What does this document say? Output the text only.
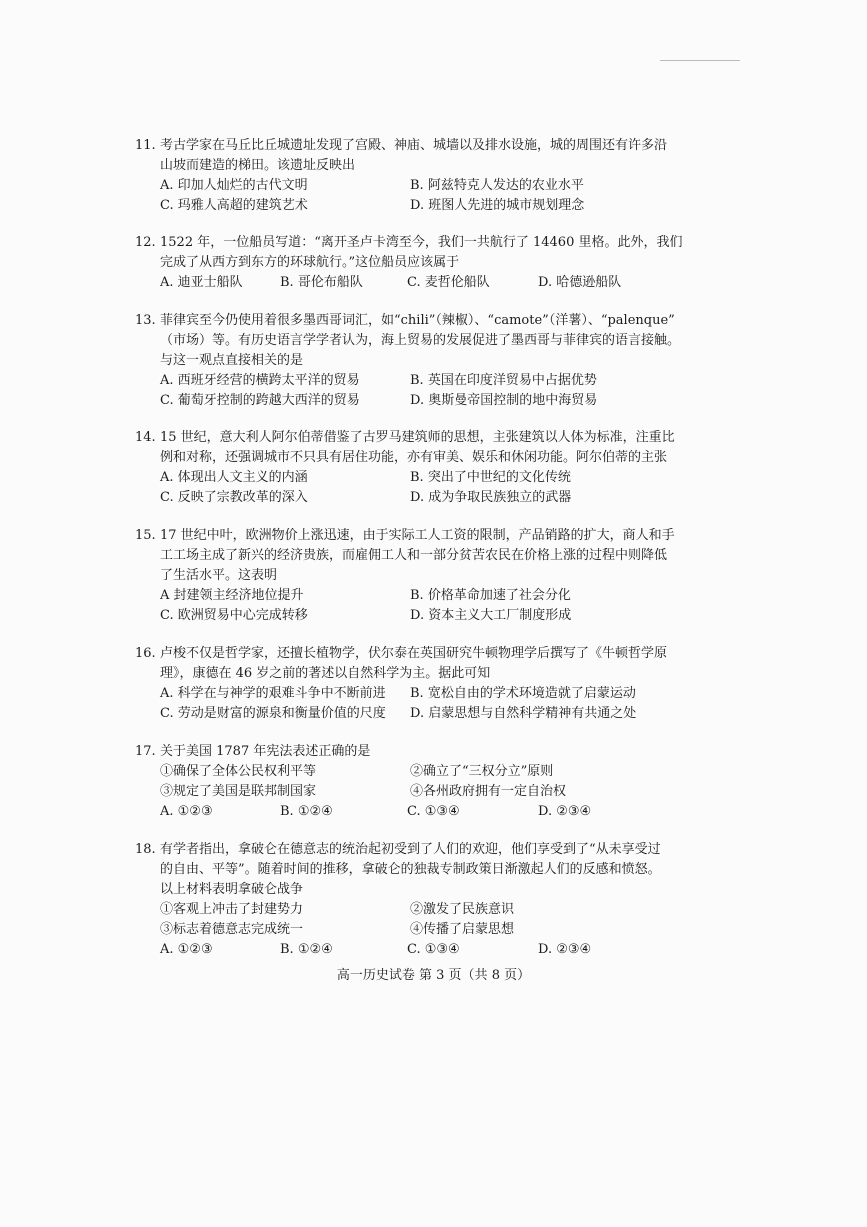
11. 考古学家在马丘比丘城遗址发现了宫殿、神庙、城墙以及排水设施，城的周围还有许多沿
山坡而建造的梯田。该遗址反映出
A. 印加人灿烂的古代文明	B. 阿兹特克人发达的农业水平
C. 玛雅人高超的建筑艺术	D. 班图人先进的城市规划理念
12. 1522 年，一位船员写道：“离开圣卢卡湾至今，我们一共航行了 14460 里格。此外，我们
完成了从西方到东方的环球航行。”这位船员应该属于
A. 迪亚士船队	B. 哥伦布船队	C. 麦哲伦船队	D. 哈德逊船队
13. 菲律宾至今仍使用着很多墨西哥词汇，如“chili”（辣椒）、“camote”（洋薯）、“palenque”
（市场）等。有历史语言学学者认为，海上贸易的发展促进了墨西哥与菲律宾的语言接触。
与这一观点直接相关的是
A. 西班牙经营的横跨太平洋的贸易	B. 英国在印度洋贸易中占据优势
C. 葡萄牙控制的跨越大西洋的贸易	D. 奥斯曼帝国控制的地中海贸易
14. 15 世纪，意大利人阿尔伯蒂借鉴了古罗马建筑师的思想，主张建筑以人体为标准，注重比
例和对称，还强调城市不只具有居住功能，亦有审美、娱乐和休闲功能。阿尔伯蒂的主张
A. 体现出人文主义的内涵	B. 突出了中世纪的文化传统
C. 反映了宗教改革的深入	D. 成为争取民族独立的武器
15. 17 世纪中叶，欧洲物价上涨迅速，由于实际工人工资的限制，产品销路的扩大，商人和手
工工场主成了新兴的经济贵族，而雇佣工人和一部分贫苦农民在价格上涨的过程中则降低
了生活水平。这表明
A 封建领主经济地位提升	B. 价格革命加速了社会分化
C. 欧洲贸易中心完成转移	D. 资本主义大工厂制度形成
16. 卢梭不仅是哲学家，还擅长植物学，伏尔泰在英国研究牛顿物理学后撰写了《牛顿哲学原
理》，康德在 46 岁之前的著述以自然科学为主。据此可知
A. 科学在与神学的艰难斗争中不断前进 B. 宽松自由的学术环境造就了启蒙运动
C. 劳动是财富的源泉和衡量价值的尺度 D. 启蒙思想与自然科学精神有共通之处
17. 关于美国 1787 年宪法表述正确的是
①确保了全体公民权利平等	②确立了“三权分立”原则
③规定了美国是联邦制国家	④各州政府拥有一定自治权
A. ①②③	B. ①②④	C. ①③④	D. ②③④
18. 有学者指出，拿破仑在德意志的统治起初受到了人们的欢迎，他们享受到了“从未享受过
的自由、平等”。随着时间的推移，拿破仑的独裁专制政策日渐激起人们的反感和愤怒。
以上材料表明拿破仑战争
①客观上冲击了封建势力	②激发了民族意识
③标志着德意志完成统一	④传播了启蒙思想
A. ①②③	B. ①②④	C. ①③④	D. ②③④
高一历史试卷 第 3 页（共 8 页）
